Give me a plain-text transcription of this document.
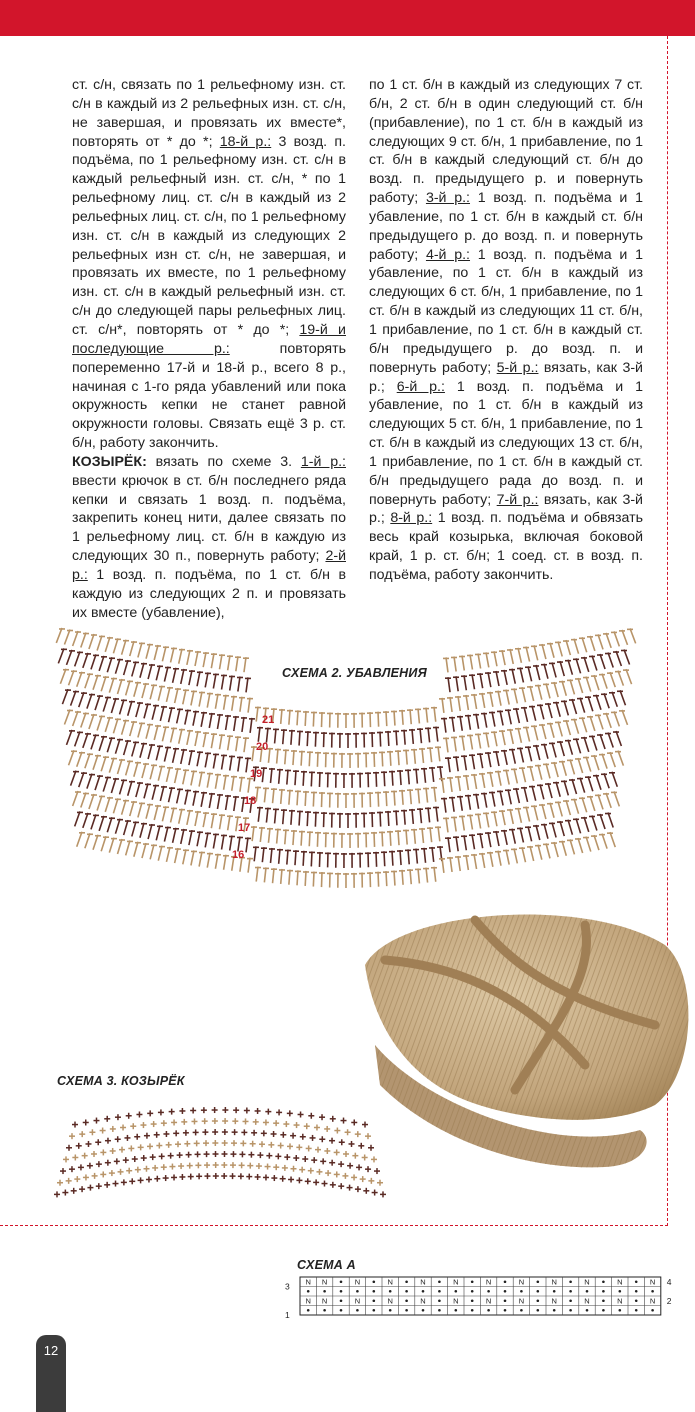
ст. с/н, связать по 1 рельефному изн. ст. с/н в каждый из 2 рельефных изн. ст. с/н, не завершая, и провязать их вместе*, повторять от * до *; 18-й р.: 3 возд. п. подъёма, по 1 рельефному изн. ст. с/н в каждый рельефный изн. ст. с/н, * по 1 рельефному лиц. ст. с/н в каждый из 2 рельефных лиц. ст. с/н, по 1 рельефному изн. ст. с/н в каждый из следующих 2 рельефных изн ст. с/н, не завершая, и провязать их вместе, по 1 рельефному изн. ст. с/н в каждый рельефный изн. ст. с/н до следующей пары рельефных лиц. ст. с/н*, повторять от * до *; 19-й и последующие р.: повторять попеременно 17-й и 18-й р., всего 8 р., начиная с 1-го ряда убавлений или пока окружность кепки не станет равной окружности головы. Связать ещё 3 р. ст. б/н, работу закончить.

КОЗЫРЁК: вязать по схеме 3. 1-й р.: ввести крючок в ст. б/н последнего ряда кепки и связать 1 возд. п. подъёма, закрепить конец нити, далее связать по 1 рельефному лиц. ст. б/н в каждую из следующих 30 п., повернуть работу; 2-й р.: 1 возд. п. подъёма, по 1 ст. б/н в каждую из следующих 2 п. и провязать их вместе (убавление),

по 1 ст. б/н в каждый из следующих 7 ст. б/н, 2 ст. б/н в один следующий ст. б/н (прибавление), по 1 ст. б/н в каждый из следующих 9 ст. б/н, 1 прибавление, по 1 ст. б/н в каждый следующий ст. б/н до возд. п. предыдущего р. и повернуть работу; 3-й р.: 1 возд. п. подъёма и 1 убавление, по 1 ст. б/н в каждый ст. б/н предыдущего р. до возд. п. и повернуть работу; 4-й р.: 1 возд. п. подъёма и 1 убавление, по 1 ст. б/н в каждый из следующих 6 ст. б/н, 1 прибавление, по 1 ст. б/н в каждый из следующих 11 ст. б/н, 1 прибавление, по 1 ст. б/н в каждый ст. б/н предыдущего р. до возд. п. и повернуть работу; 5-й р.: вязать, как 3-й р.; 6-й р.: 1 возд. п. подъёма и 1 убавление, по 1 ст. б/н в каждый из следующих 5 ст. б/н, 1 прибавление, по 1 ст. б/н в каждый из следующих 13 ст. б/н, 1 прибавление, по 1 ст. б/н в каждый ст. б/н предыдущего рада до возд. п. и повернуть работу; 7-й р.: вязать, как 3-й р.; 8-й р.: 1 возд. п. подъёма и обвязать весь край козырька, включая боковой край, 1 р. ст. б/н; 1 соед. ст. в возд. п. подъёма, работу закончить.

СХЕМА 2. УБАВЛЕНИЯ
21
20
19
18
17
16
СХЕМА 3. КОЗЫРЁК
СХЕМА А
N N	N	N	N	N	N	N	N	N	N	N
N N	N	N	N	N	N	N	N	N	N	N
3
1
4
2
12
